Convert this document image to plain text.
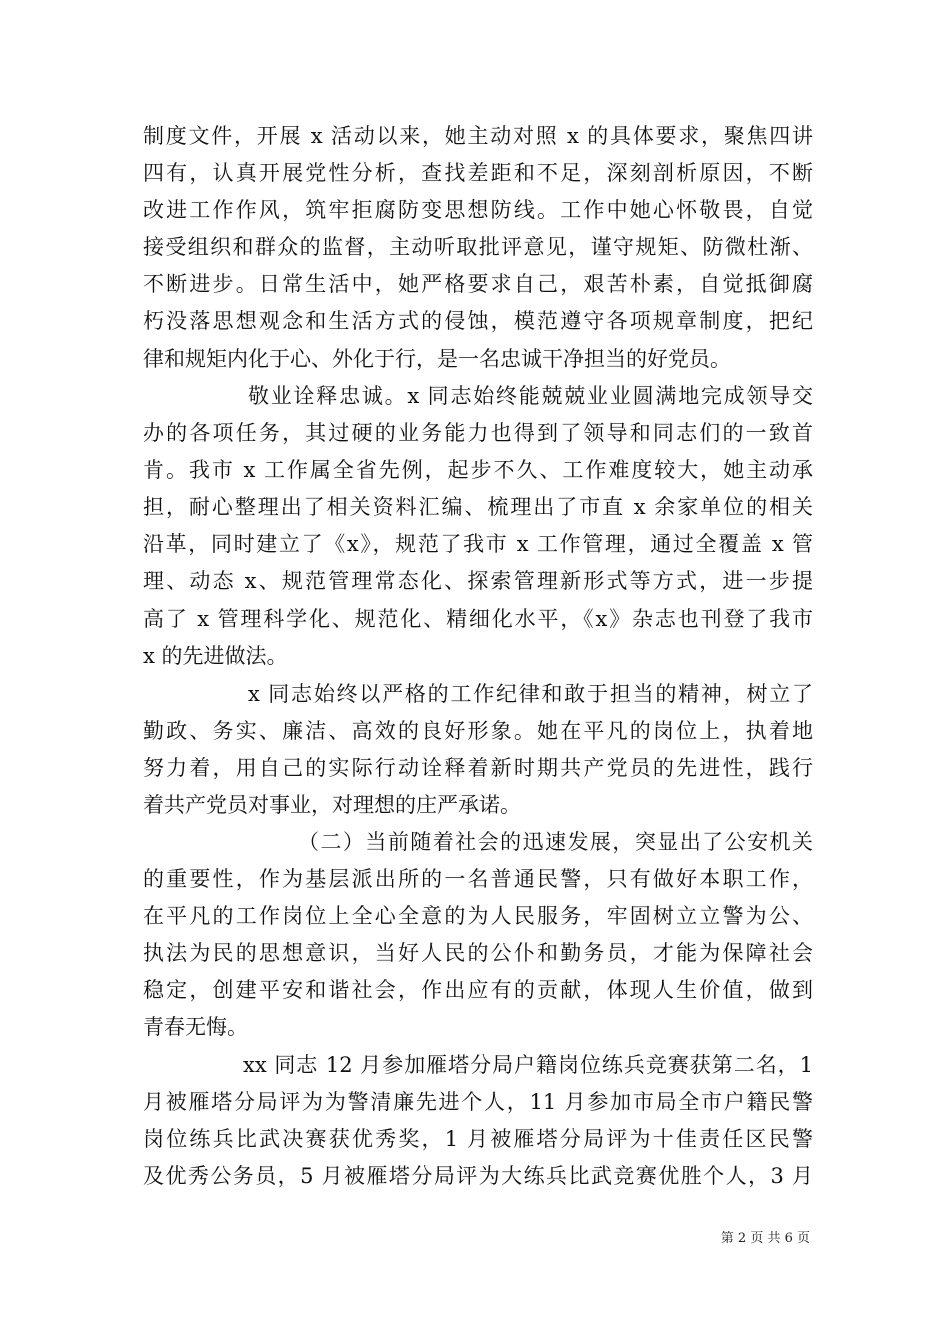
制度文件，开展 x 活动以来，她主动对照 x 的具体要求，聚焦四讲
四有，认真开展党性分析，查找差距和不足，深刻剖析原因，不断
改进工作作风，筑牢拒腐防变思想防线。工作中她心怀敬畏，自觉
接受组织和群众的监督，主动听取批评意见，谨守规矩、防微杜渐、
不断进步。日常生活中，她严格要求自己，艰苦朴素，自觉抵御腐
朽没落思想观念和生活方式的侵蚀，模范遵守各项规章制度，把纪
律和规矩内化于心、外化于行，是一名忠诚干净担当的好党员。
敬业诠释忠诚。x 同志始终能兢兢业业圆满地完成领导交
办的各项任务，其过硬的业务能力也得到了领导和同志们的一致首
肯。我市 x 工作属全省先例，起步不久、工作难度较大，她主动承
担，耐心整理出了相关资料汇编、梳理出了市直 x 余家单位的相关
沿革，同时建立了《x》，规范了我市 x 工作管理，通过全覆盖 x 管
理、动态 x、规范管理常态化、探索管理新形式等方式，进一步提
高了 x 管理科学化、规范化、精细化水平，《x》杂志也刊登了我市
x 的先进做法。
x 同志始终以严格的工作纪律和敢于担当的精神，树立了
勤政、务实、廉洁、高效的良好形象。她在平凡的岗位上，执着地
努力着，用自己的实际行动诠释着新时期共产党员的先进性，践行
着共产党员对事业，对理想的庄严承诺。
（二）当前随着社会的迅速发展，突显出了公安机关
的重要性，作为基层派出所的一名普通民警，只有做好本职工作，
在平凡的工作岗位上全心全意的为人民服务，牢固树立立警为公、
执法为民的思想意识，当好人民的公仆和勤务员，才能为保障社会
稳定，创建平安和谐社会，作出应有的贡献，体现人生价值，做到
青春无悔。
xx 同志 12 月参加雁塔分局户籍岗位练兵竞赛获第二名，1
月被雁塔分局评为为警清廉先进个人，11 月参加市局全市户籍民警
岗位练兵比武决赛获优秀奖，1 月被雁塔分局评为十佳责任区民警
及优秀公务员，5 月被雁塔分局评为大练兵比武竞赛优胜个人，3 月
第 2 页 共 6 页
